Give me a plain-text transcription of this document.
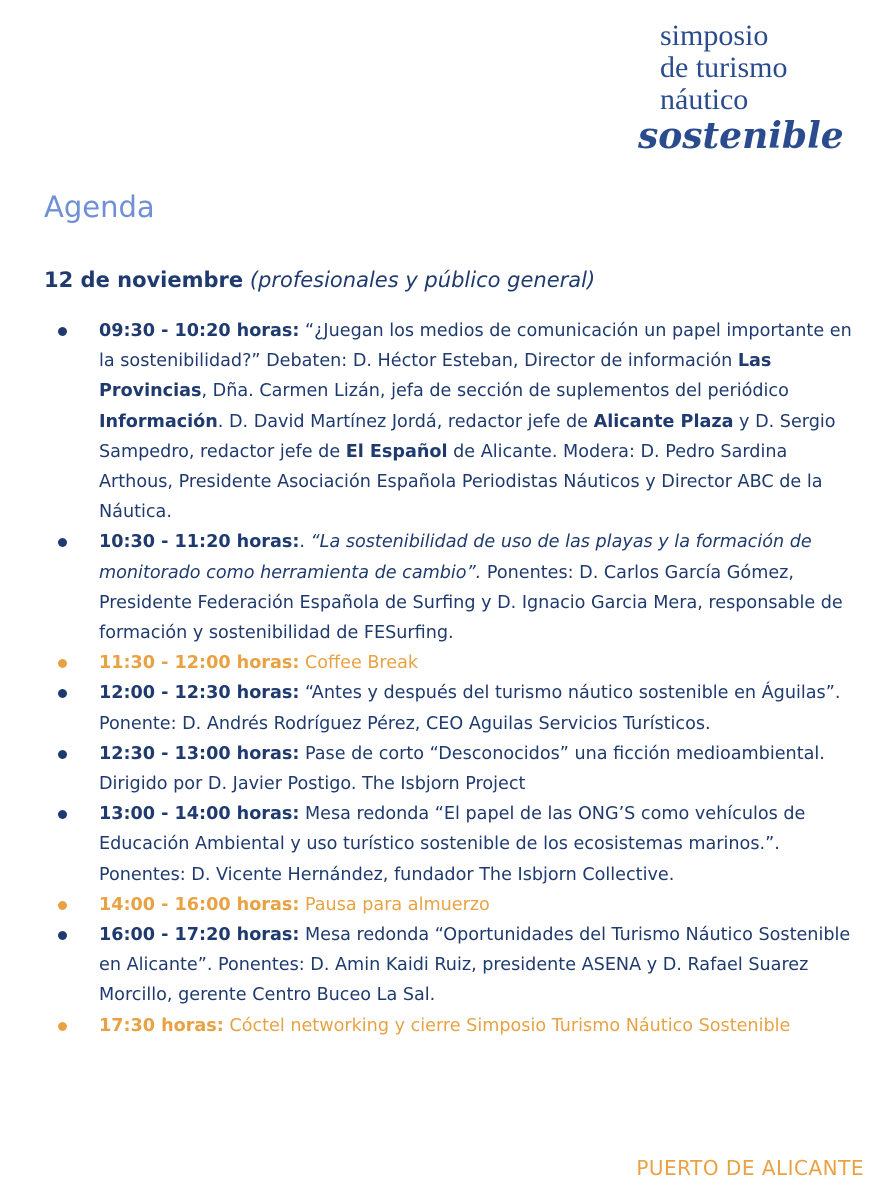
simposio
de turismo
náutico
sostenible
Agenda
12 de noviembre (profesionales y público general)
09:30 - 10:20 horas: “¿Juegan los medios de comunicación un papel importante en la sostenibilidad?” Debaten: D. Héctor Esteban, Director de información Las Provincias, Dña. Carmen Lizán, jefa de sección de suplementos del periódico Información. D. David Martínez Jordá, redactor jefe de Alicante Plaza y D. Sergio Sampedro, redactor jefe de El Español de Alicante. Modera: D. Pedro Sardina Arthous, Presidente Asociación Española Periodistas Náuticos y Director ABC de la Náutica.
10:30 - 11:20 horas:. “La sostenibilidad de uso de las playas y la formación de monitorado como herramienta de cambio”. Ponentes: D. Carlos García Gómez, Presidente Federación Española de Surfing y D. Ignacio Garcia Mera, responsable de formación y sostenibilidad de FESurfing.
11:30 - 12:00 horas: Coffee Break
12:00 - 12:30 horas: “Antes y después del turismo náutico sostenible en Águilas”. Ponente: D. Andrés Rodríguez Pérez, CEO Aguilas Servicios Turísticos.
12:30 - 13:00 horas: Pase de corto “Desconocidos” una ficción medioambiental. Dirigido por D. Javier Postigo. The Isbjorn Project
13:00 - 14:00 horas: Mesa redonda “El papel de las ONG’S como vehículos de Educación Ambiental y uso turístico sostenible de los ecosistemas marinos.”. Ponentes: D. Vicente Hernández, fundador The Isbjorn Collective.
14:00 - 16:00 horas: Pausa para almuerzo
16:00 - 17:20 horas: Mesa redonda “Oportunidades del Turismo Náutico Sostenible en Alicante”. Ponentes: D. Amin Kaidi Ruiz, presidente ASENA y D. Rafael Suarez Morcillo, gerente Centro Buceo La Sal.
17:30 horas: Cóctel networking y cierre Simposio Turismo Náutico Sostenible
PUERTO DE ALICANTE
